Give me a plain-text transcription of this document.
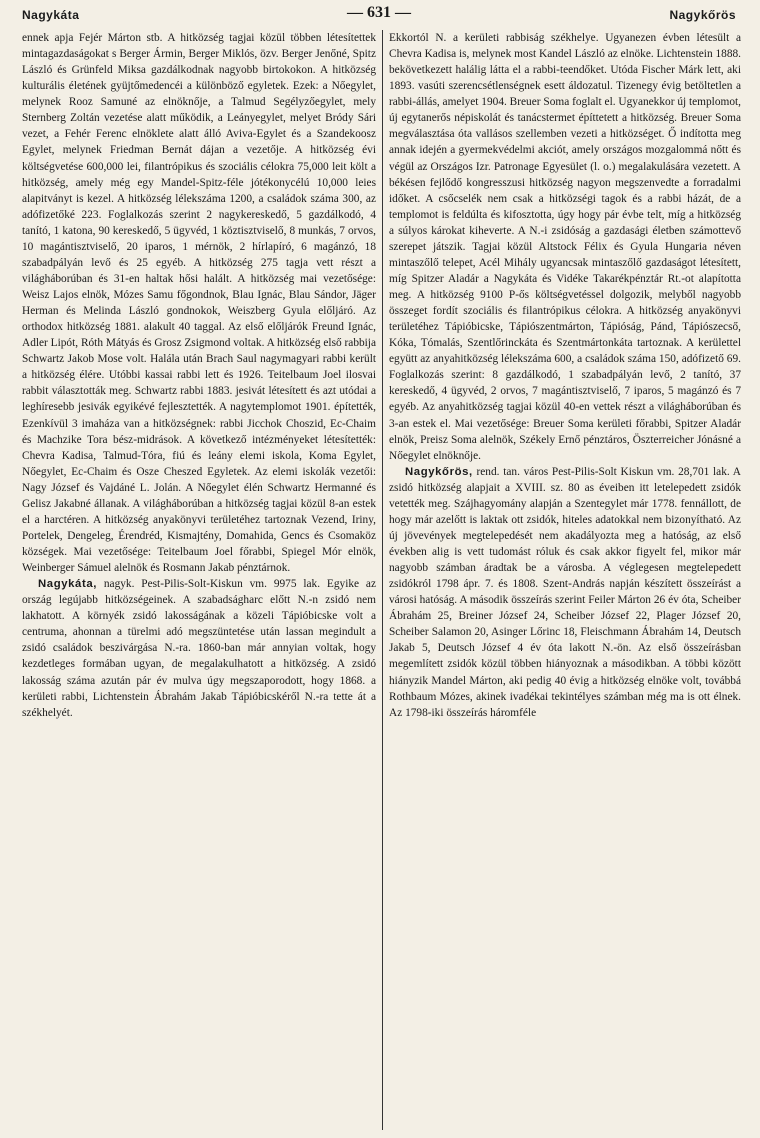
Nagykáta	— 631 —	Nagykőrös

ennek apja Fejér Márton stb. A hitközség tagjai közül többen létesítettek mintagazdaságokat s Berger Ármin, Berger Miklós, özv. Berger Jenőné, Spitz László és Grünfeld Miksa gazdálkodnak nagyobb birtokokon. A hitközség kulturális életének gyüjtőmedencéi a különböző egyletek. Ezek: a Nőegylet, melynek Rooz Samuné az elnöknője, a Talmud Segélyzőegylet, mely Sternberg Zoltán vezetése alatt működik, a Leányegylet, melyet Bródy Sári vezet, a Fehér Ferenc elnöklete alatt álló Aviva-Egylet és a Szandekoosz Egylet, melynek Friedman Bernát dájan a vezetője. A hitközség évi költségvetése 600,000 lei, filantrópikus és szociális célokra 75,000 leit költ a hitközség, amely még egy Mandel-Spitz-féle jótékonycélú 10,000 leies alapitványt is kezel. A hitközség lélekszáma 1200, a családok száma 300, az adófizetőké 223. Foglalkozás szerint 2 nagykereskedő, 5 gazdálkodó, 4 tanító, 1 katona, 90 kereskedő, 5 ügyvéd, 1 köztisztviselő, 8 munkás, 7 orvos, 10 magántisztviselő, 20 iparos, 1 mérnök, 2 hírlapíró, 6 magánzó, 18 szabadpályán levő és 25 egyéb. A hitközség 275 tagja vett részt a világháborúban és 31-en haltak hősi halált. A hitközség mai vezetősége: Weisz Lajos elnök, Mózes Samu főgondnok, Blau Ignác, Blau Sándor, Jäger Herman és Melinda László gondnokok, Weiszberg Gyula előljáró. Az orthodox hitközség 1881. alakult 40 taggal. Az első előljárók Freund Ignác, Adler Lipót, Róth Mátyás és Grosz Zsigmond voltak. A hitközség első rabbija Schwartz Jakob Mose volt. Halála után Brach Saul nagymagyari rabbi került a hitközség élére. Utóbbi kassai rabbi lett és 1926. Teitelbaum Joel ilosvai rabbit választották meg. Schwartz rabbi 1883. jesivát létesített és azt utódai a leghíresebb jesivák egyikévé fejlesztették. A nagytemplomot 1901. építették, Ezenkívül 3 imaháza van a hitközségnek: rabbi Jicchok Choszid, Ec-Chaim és Machzike Tora bész-midrások. A következő intézményeket létesítették: Chevra Kadisa, Talmud-Tóra, fiú és leány elemi iskola, Koma Egylet, Nőegylet, Ec-Chaim és Osze Cheszed Egyletek. Az elemi iskolák vezetői: Nagy József és Vajdáné L. Jolán. A Nőegylet élén Schwartz Hermanné és Gelisz Jakabné állanak. A világháborúban a hitközség tagjai közül 8-an estek el a harctéren. A hitközség anyakönyvi területéhez tartoznak Vezend, Iriny, Portelek, Dengeleg, Érendréd, Kismajtény, Domahida, Gencs és Csomaköz községek. Mai vezetősége: Teitelbaum Joel főrabbi, Spiegel Mór elnök, Weinberger Sámuel alelnök és Rosmann Jakab pénztárnok.

Nagykáta, nagyk. Pest-Pilis-Solt-Kiskun vm. 9975 lak. Egyike az ország legújabb hitközségeinek. A szabadságharc előtt N.-n zsidó nem lakhatott. A környék zsidó lakosságának a közeli Tápióbicske volt a centruma, ahonnan a türelmi adó megszüntetése után lassan megindult a zsidó családok beszivárgása N.-ra. 1860-ban már annyian voltak, hogy kezdetleges formában ugyan, de megalakulhatott a hitközség. A zsidó lakosság száma azután pár év mulva úgy megszaporodott, hogy 1868. a kerületi rabbi, Lichtenstein Ábrahám Jakab Tápióbicskéről N.-ra tette át a székhelyét.

Ekkortól N. a kerületi rabbiság székhelye. Ugyanezen évben létesült a Chevra Kadisa is, melynek most Kandel László az elnöke. Lichtenstein 1888. bekövetkezett halálig látta el a rabbi-teendőket. Utóda Fischer Márk lett, aki 1893. vasúti szerencsétlenségnek esett áldozatul. Tizenegy évig betöltetlen a rabbi-állás, amelyet 1904. Breuer Soma foglalt el. Ugyanekkor új templomot, új egytanerős népiskolát és tanácstermet építtetett a hitközség. Breuer Soma megválasztása óta vallásos szellemben vezeti a hitközséget. Ő indította meg annak idején a gyermekvédelmi akciót, amely országos mozgalommá nőtt és végül az Országos Izr. Patronage Egyesület (l. o.) megalakulására vezetett. A békésen fejlődő kongresszusi hitközség nagyon megszenvedte a forradalmi időket. A csőcselék nem csak a hitközségi tagok és a rabbi házát, de a templomot is feldúlta és kifosztotta, úgy hogy pár évbe telt, míg a hitközség a súlyos károkat kiheverte. A N.-i zsidóság a gazdasági életben számottevő szerepet játszik. Tagjai közül Altstock Félix és Gyula Hungaria néven mintaszőlő telepet, Acél Mihály ugyancsak mintaszőlő gazdaságot létesített, míg Spitzer Aladár a Nagykáta és Vidéke Takarékpénztár Rt.-ot alapította meg. A hitközség 9100 P-ős költségvetéssel dolgozik, melyből nagyobb összeget fordít szociális és filantrópikus célokra. A hitközség anyakönyvi területéhez Tápióbicske, Tápiószentmárton, Tápióság, Pánd, Tápiószecső, Kóka, Tómalás, Szentlőrinckáta és Szentmártonkáta tartoznak. A kerülettel együtt az anyahitközség lélekszáma 600, a családok száma 150, adófizető 69. Foglalkozás szerint: 8 gazdálkodó, 1 szabadpályán levő, 2 tanító, 37 kereskedő, 4 ügyvéd, 2 orvos, 7 magántisztviselő, 7 iparos, 5 magánzó és 7 egyéb. Az anyahitközség tagjai közül 40-en vettek részt a világháborúban és 3-an estek el. Mai vezetősége: Breuer Soma kerületi főrabbi, Spitzer Aladár elnök, Preisz Soma alelnök, Székely Ernő pénztáros, Öszterreicher Jónásné a Nőegylet elnöknője.

Nagykőrös, rend. tan. város Pest-Pilis-Solt Kiskun vm. 28,701 lak. A zsidó hitközség alapjait a XVIII. sz. 80 as éveiben itt letelepedett zsidók vetették meg. Szájhagyomány alapján a Szentegylet már 1778. fennállott, de hogy már azelőtt is laktak ott zsidók, hiteles adatokkal nem bizonyítható. Az új jövevények megtelepedését nem akadályozta meg a hatóság, az első években alig is vett tudomást róluk és csak akkor figyelt fel, mikor már nagyobb számban áradtak be a városba. A véglegesen megtelepedett zsidókról 1798 ápr. 7. és 1808. Szent-András napján készített összeírást a városi hatóság. A második összeírás szerint Feiler Márton 26 év óta, Scheiber Ábrahám 25, Breiner József 24, Scheiber József 22, Plager József 20, Scheiber Salamon 20, Asinger Lőrinc 18, Fleischmann Ábrahám 14, Deutsch Jakab 5, Deutsch József 4 év óta lakott N.-ön. Az első összeírásban megemlített zsidók közül többen hiányoznak a másodikban. A többi között hiányzik Mandel Márton, aki pedig 40 évig a hitközség elnöke volt, továbbá Rothbaum Mózes, akinek ivadékai tekintélyes számban még ma is ott élnek. Az 1798-iki összeírás háromféle
